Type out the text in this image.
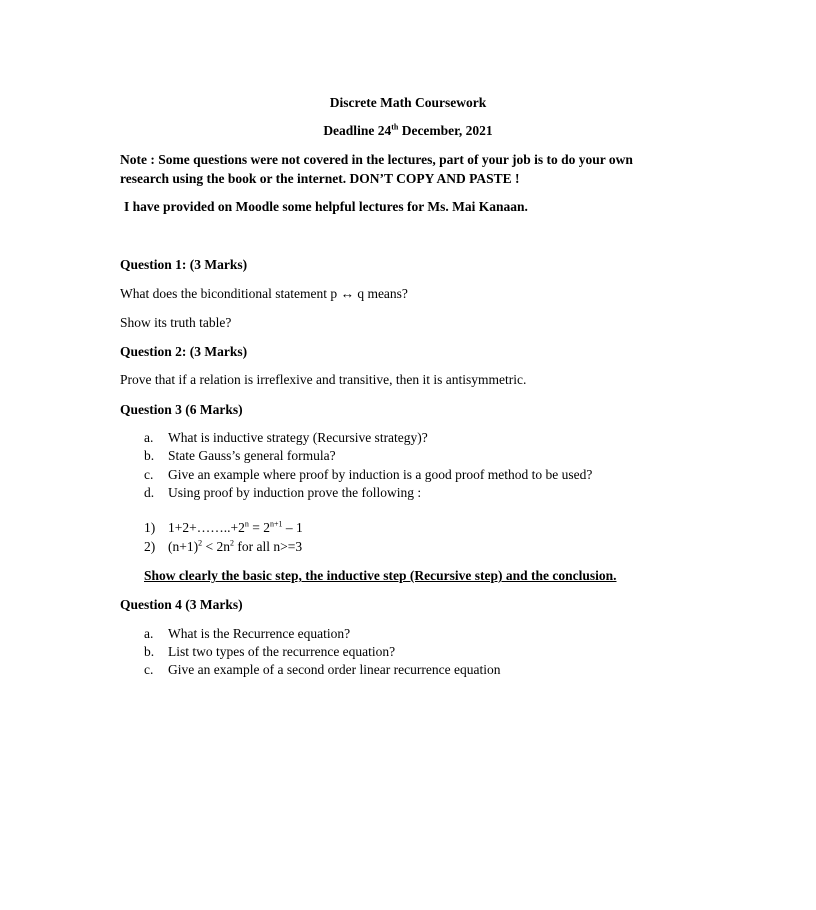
Discrete Math Coursework
Deadline 24th December, 2021
Note : Some questions were not covered in the lectures, part of your job is to do your own
research using the book or the internet. DON’T COPY AND PASTE !
I have provided on Moodle some helpful lectures for Ms. Mai Kanaan.
Question 1: (3 Marks)
What does the biconditional statement p ↔ q means?
Show its truth table?
Question 2: (3 Marks)
Prove that if a relation is irreflexive and transitive, then it is antisymmetric.
Question 3 (6 Marks)
a. What is inductive strategy (Recursive strategy)?
b. State Gauss’s general formula?
c. Give an example where proof by induction is a good proof method to be used?
d. Using proof by induction prove the following :
1) $1+2+\dots\dots..+2^n = 2^{n+1} - 1$
2) $(n+1)^2 < 2n^2$ for all n>=3
Show clearly the basic step, the inductive step (Recursive step) and the conclusion.
Question 4 (3 Marks)
a. What is the Recurrence equation?
b. List two types of the recurrence equation?
c. Give an example of a second order linear recurrence equation
